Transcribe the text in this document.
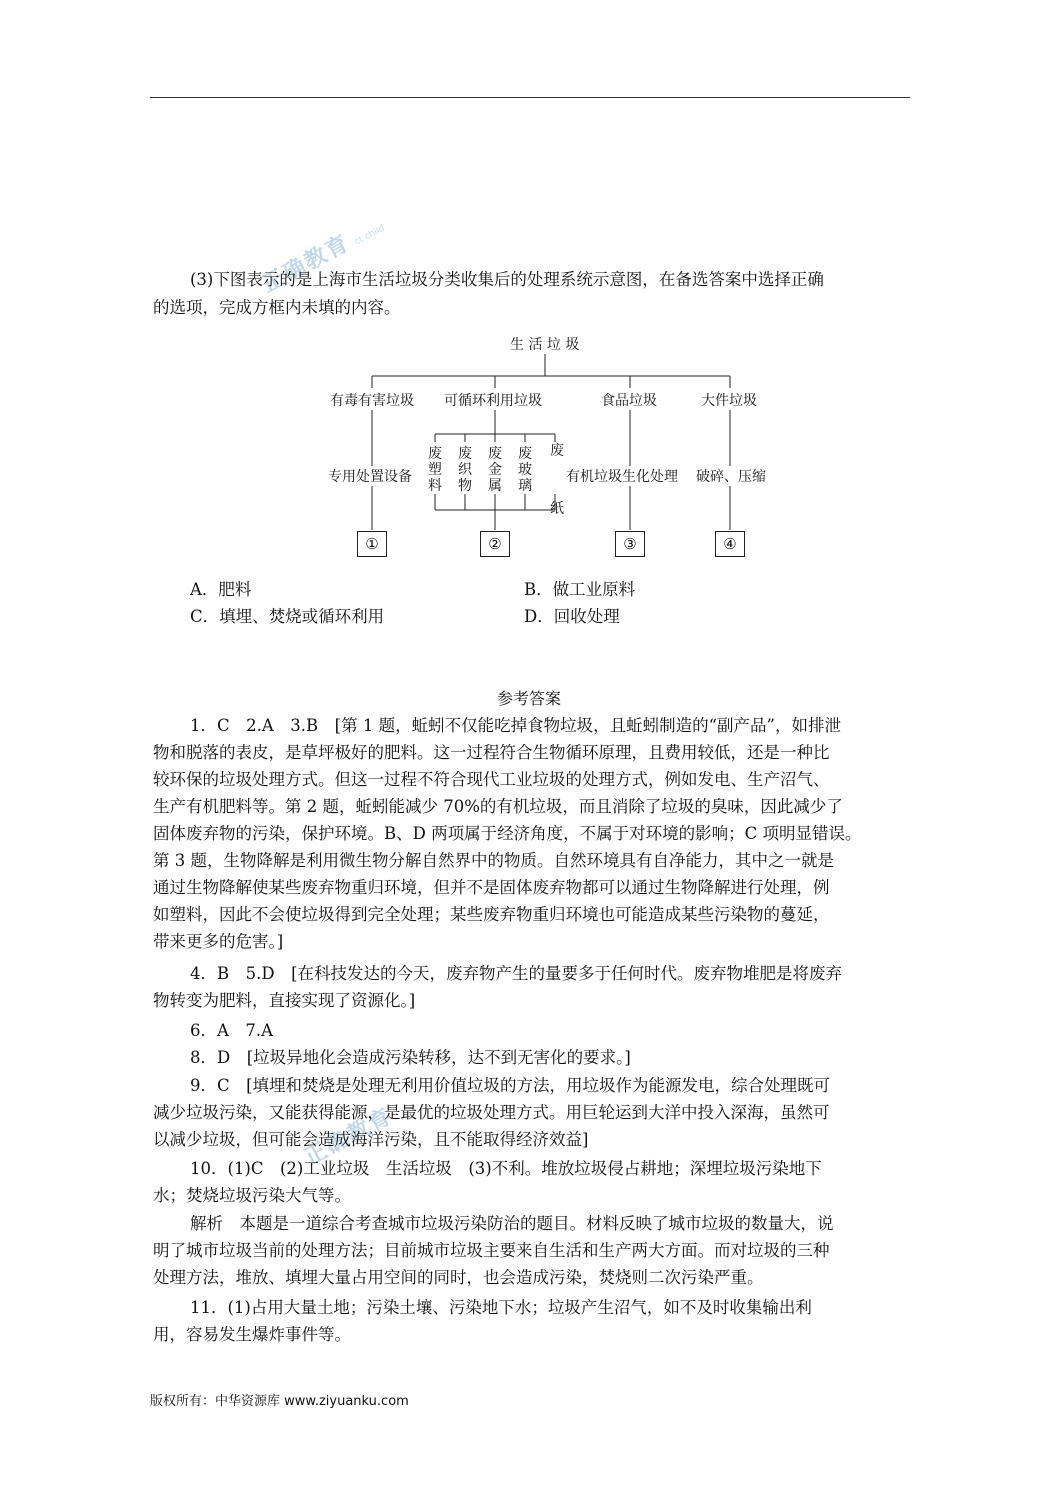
正确教育 ct child
正确教育
(3)下图表示的是上海市生活垃圾分类收集后的处理系统示意图，在备选答案中选择正确
的选项，完成方框内未填的内容。
生 活 垃 圾
有毒有害垃圾 可循环利用垃圾	食品垃圾	大件垃圾
废塑料
废织物
废金属
废玻璃
废纸
专用处置设备	有机垃圾生化处理 破碎、压缩
①	②	③	④
A．肥料	B．做工业原料
C．填埋、焚烧或循环利用	D．回收处理
参考答案
1．C　2.A　3.B　[第 1 题，蚯蚓不仅能吃掉食物垃圾，且蚯蚓制造的“副产品”，如排泄
物和脱落的表皮，是草坪极好的肥料。这一过程符合生物循环原理，且费用较低，还是一种比
较环保的垃圾处理方式。但这一过程不符合现代工业垃圾的处理方式，例如发电、生产沼气、
生产有机肥料等。第 2 题，蚯蚓能减少 70%的有机垃圾，而且消除了垃圾的臭味，因此减少了
固体废弃物的污染，保护环境。B、D 两项属于经济角度，不属于对环境的影响；C 项明显错误。
第 3 题，生物降解是利用微生物分解自然界中的物质。自然环境具有自净能力，其中之一就是
通过生物降解使某些废弃物重归环境，但并不是固体废弃物都可以通过生物降解进行处理，例
如塑料，因此不会使垃圾得到完全处理；某些废弃物重归环境也可能造成某些污染物的蔓延，
带来更多的危害。]
4．B　5.D　[在科技发达的今天，废弃物产生的量要多于任何时代。废弃物堆肥是将废弃
物转变为肥料，直接实现了资源化。]
6．A　7.A
8．D　[垃圾异地化会造成污染转移，达不到无害化的要求。]
9．C　[填埋和焚烧是处理无利用价值垃圾的方法，用垃圾作为能源发电，综合处理既可
减少垃圾污染，又能获得能源，是最优的垃圾处理方式。用巨轮运到大洋中投入深海，虽然可
以减少垃圾，但可能会造成海洋污染，且不能取得经济效益]
10．(1)C　(2)工业垃圾　生活垃圾　(3)不利。堆放垃圾侵占耕地；深埋垃圾污染地下
水；焚烧垃圾污染大气等。
解析　本题是一道综合考查城市垃圾污染防治的题目。材料反映了城市垃圾的数量大，说
明了城市垃圾当前的处理方法；目前城市垃圾主要来自生活和生产两大方面。而对垃圾的三种
处理方法，堆放、填埋大量占用空间的同时，也会造成污染，焚烧则二次污染严重。
11．(1)占用大量土地；污染土壤、污染地下水；垃圾产生沼气，如不及时收集输出利
用，容易发生爆炸事件等。
版权所有：中华资源库 www.ziyuanku.com
